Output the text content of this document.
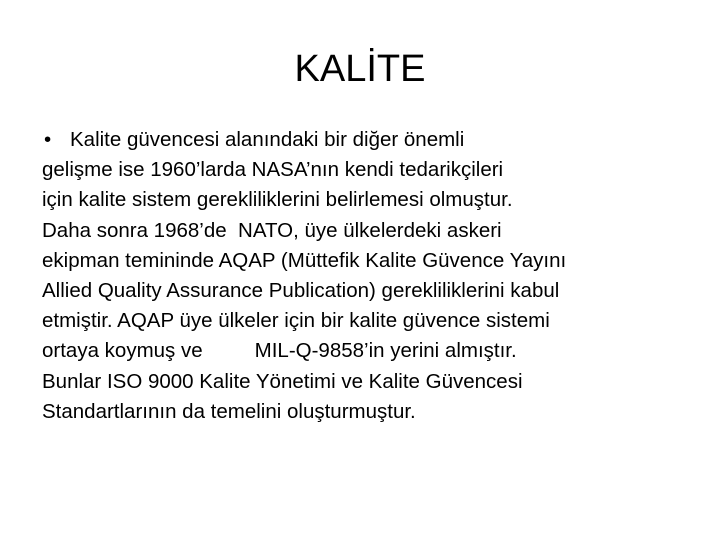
KALİTE
• Kalite güvencesi alanındaki bir diğer önemli
gelişme ise 1960’larda NASA’nın kendi tedarikçileri
için kalite sistem gerekliliklerini belirlemesi olmuştur.
Daha sonra 1968’de  NATO, üye ülkelerdeki askeri
ekipman temininde AQAP (Müttefik Kalite Güvence Yayını
Allied Quality Assurance Publication) gerekliliklerini kabul
etmiştir. AQAP üye ülkeler için bir kalite güvence sistemi
ortaya koymuş ve	MIL-Q-9858’in yerini almıştır.
Bunlar ISO 9000 Kalite Yönetimi ve Kalite Güvencesi
Standartlarının da temelini oluşturmuştur.
